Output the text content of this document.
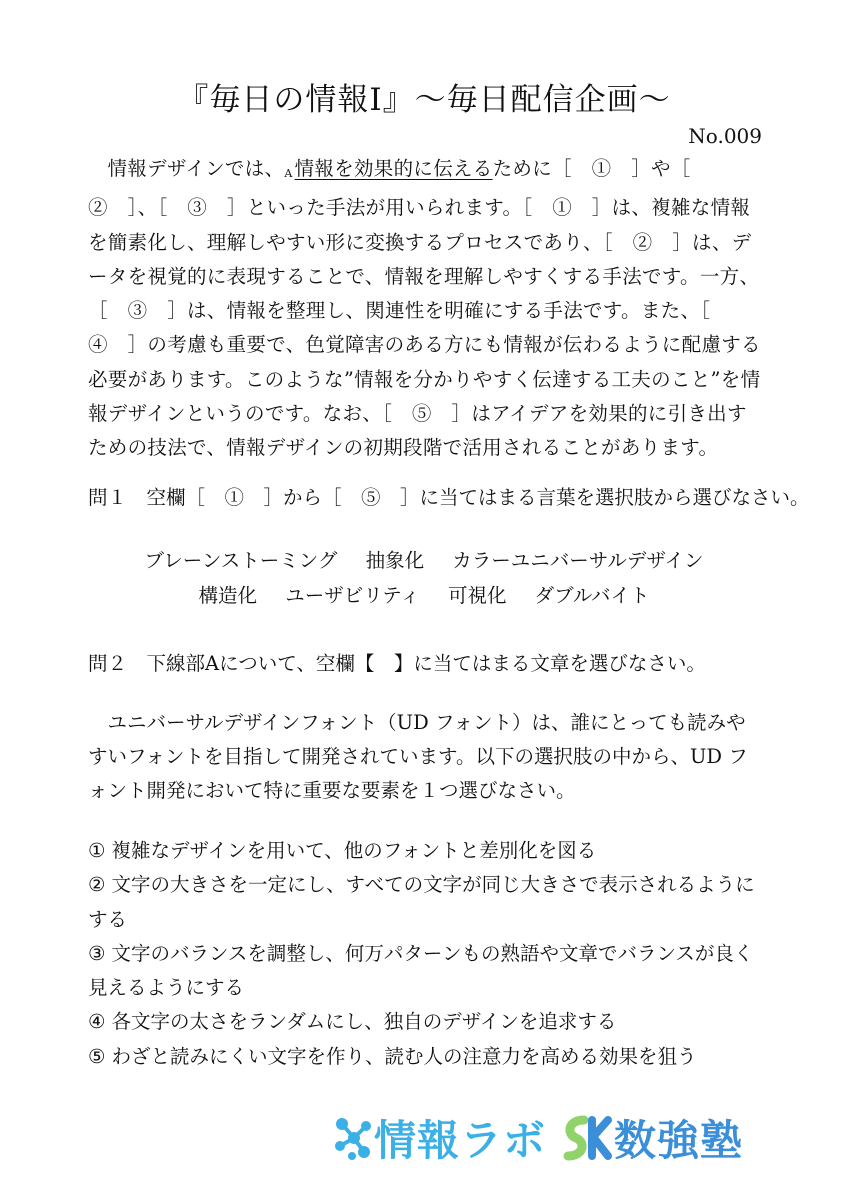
『毎日の情報Ⅰ』〜毎日配信企画〜
No.009

情報デザインでは、A 情報を効果的に伝えるために［　①　］や［　②　］、［　③　］といった手法が用いられます。［　①　］は、複雑な情報を簡素化し、理解しやすい形に変換するプロセスであり、［　②　］は、データを視覚的に表現することで、情報を理解しやすくする手法です。一方、［　③　］は、情報を整理し、関連性を明確にする手法です。また、［　④　］の考慮も重要で、色覚障害のある方にも情報が伝わるように配慮する必要があります。このような”情報を分かりやすく伝達する工夫のこと”を情報デザインというのです。なお、［　⑤　］はアイデアを効果的に引き出すための技法で、情報デザインの初期段階で活用されることがあります。

問１　 空欄［　①　］から［　⑤　］に当てはまる言葉を選択肢から選びなさい。
ブレーンストーミング 抽象化 カラーユニバーサルデザイン
構造化 ユーザビリティ 可視化 ダブルバイト
問２　 下線部Aについて、空欄【　】に当てはまる文章を選びなさい。
ユニバーサルデザインフォント（UD フォント）は、誰にとっても読みやすいフォントを目指して開発されています。以下の選択肢の中から、UD フォント開発において特に重要な要素を１つ選びなさい。
① 複雑なデザインを用いて、他のフォントと差別化を図る
② 文字の大きさを一定にし、すべての文字が同じ大きさで表示されるようにする
③ 文字のバランスを調整し、何万パターンもの熟語や文章でバランスが良く見えるようにする
④ 各文字の太さをランダムにし、独自のデザインを追求する
⑤ わざと読みにくい文字を作り、読む人の注意力を高める効果を狙う
情報ラボ 数強塾
